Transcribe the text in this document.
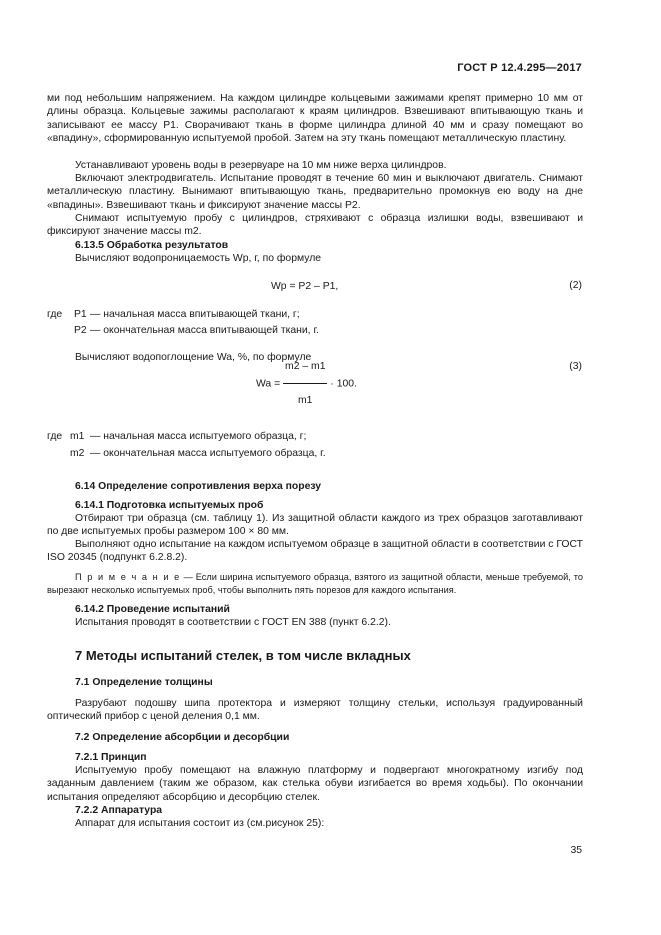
ГОСТ Р 12.4.295—2017
ми под небольшим напряжением. На каждом цилиндре кольцевыми зажимами крепят примерно 10 мм от длины образца. Кольцевые зажимы располагают к краям цилиндров. Взвешивают впитывающую ткань и записывают ее массу P1. Сворачивают ткань в форме цилиндра длиной 40 мм и сразу помещают во «впадину», сформированную испытуемой пробой. Затем на эту ткань помещают металлическую пластину.
Устанавливают уровень воды в резервуаре на 10 мм ниже верха цилиндров.
Включают электродвигатель. Испытание проводят в течение 60 мин и выключают двигатель. Снимают металлическую пластину. Вынимают впитывающую ткань, предварительно промокнув ею воду на дне «впадины». Взвешивают ткань и фиксируют значение массы P2.
Снимают испытуемую пробу с цилиндров, стряхивают с образца излишки воды, взвешивают и фиксируют значение массы m2.
6.13.5 Обработка результатов
Вычисляют водопроницаемость Wp, г, по формуле
Wp = P2 – P1,	(2)
где P1 — начальная масса впитывающей ткани, г;
P2 — окончательная масса впитывающей ткани, г.
Вычисляют водопоглощение Wa, %, по формуле
$Wa = \frac{m2 - m1}{m1} \cdot 100$.
(3)
где m1 — начальная масса испытуемого образца, г;
m2 — окончательная масса испытуемого образца, г.
6.14 Определение сопротивления верха порезу
6.14.1 Подготовка испытуемых проб
Отбирают три образца (см. таблицу 1). Из защитной области каждого из трех образцов заготавливают по две испытуемых пробы размером 100 × 80 мм.
Выполняют одно испытание на каждом испытуемом образце в защитной области в соответствии с ГОСТ ISO 20345 (подпункт 6.2.8.2).
П р и м е ч а н и е — Если ширина испытуемого образца, взятого из защитной области, меньше требуемой, то вырезают несколько испытуемых проб, чтобы выполнить пять порезов для каждого испытания.
6.14.2 Проведение испытаний
Испытания проводят в соответствии с ГОСТ EN 388 (пункт 6.2.2).
7 Методы испытаний стелек, в том числе вкладных
7.1 Определение толщины
Разрубают подошву шипа протектора и измеряют толщину стельки, используя градуированный оптический прибор с ценой деления 0,1 мм.
7.2 Определение абсорбции и десорбции
7.2.1 Принцип
Испытуемую пробу помещают на влажную платформу и подвергают многократному изгибу под заданным давлением (таким же образом, как стелька обуви изгибается во время ходьбы). По окончании испытания определяют абсорбцию и десорбцию стелек.
7.2.2 Аппаратура
Аппарат для испытания состоит из (см.рисунок 25):
35
